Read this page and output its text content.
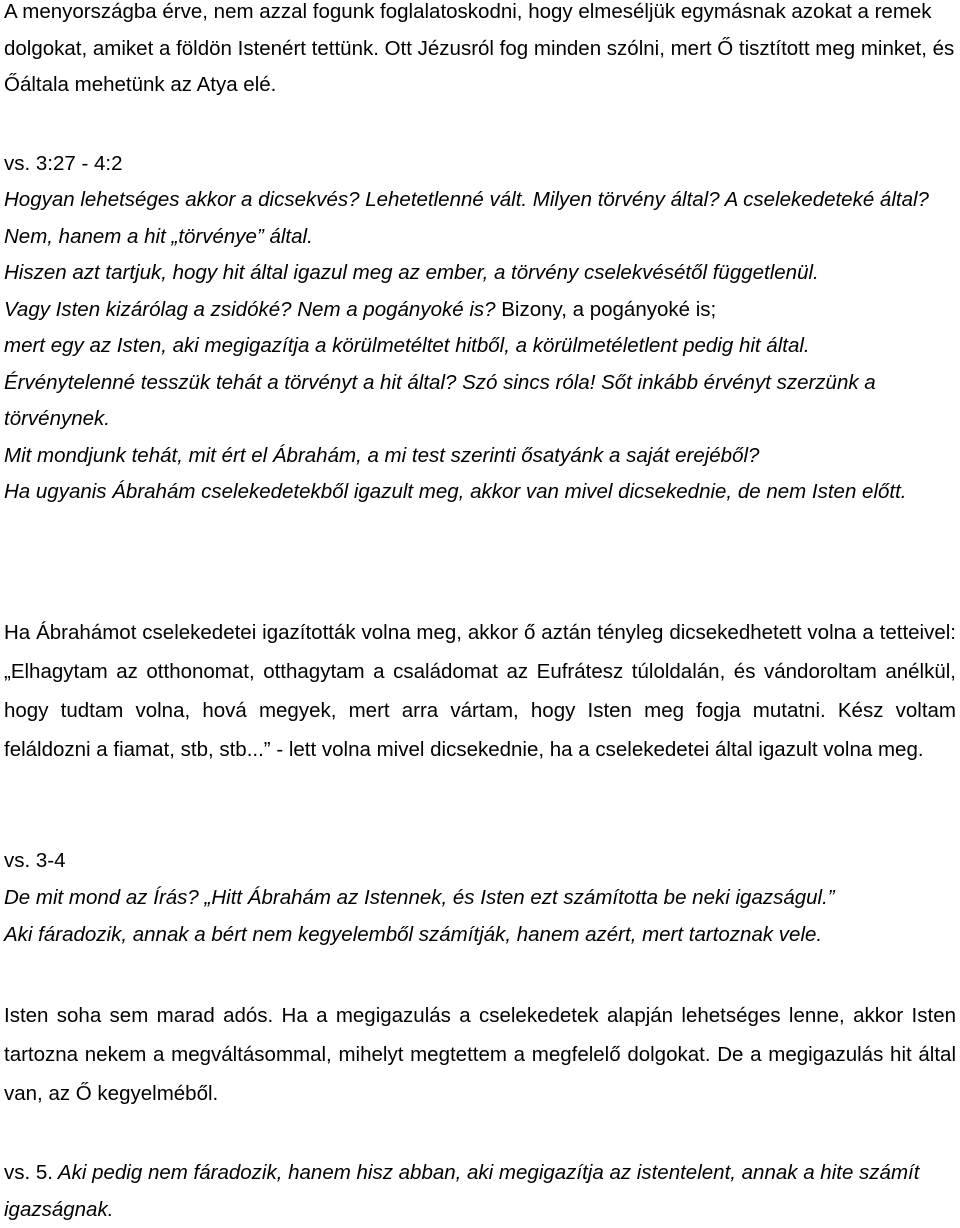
A menyországba érve, nem azzal fogunk foglalatoskodni, hogy elmeséljük egymásnak azokat a remek dolgokat, amiket a földön Istenért tettünk. Ott Jézusról fog minden szólni, mert Ő tisztított meg minket, és Őáltala mehetünk az Atya elé.

vs. 3:27 - 4:2

Hogyan lehetséges akkor a dicsekvés? Lehetetlenné vált. Milyen törvény által? A cselekedeteké által? Nem, hanem a hit „törvénye” által.
Hiszen azt tartjuk, hogy hit által igazul meg az ember, a törvény cselekvésétől függetlenül.
Vagy Isten kizárólag a zsidóké? Nem a pogányoké is? Bizony, a pogányoké is;
mert egy az Isten, aki megigazítja a körülmetéltet hitből, a körülmetéletlent pedig hit által.
Érvénytelenné tesszük tehát a törvényt a hit által? Szó sincs róla! Sőt inkább érvényt szerzünk a törvénynek.
Mit mondjunk tehát, mit ért el Ábrahám, a mi test szerinti ősatyánk a saját erejéből?
Ha ugyanis Ábrahám cselekedetekből igazult meg, akkor van mivel dicsekednie, de nem Isten előtt.

Ha Ábrahámot cselekedetei igazították volna meg, akkor ő aztán tényleg dicsekedhetett volna a tetteivel: „Elhagytam az otthonomat, otthagytam a családomat az Eufrátesz túloldalán, és vándoroltam anélkül, hogy tudtam volna, hová megyek, mert arra vártam, hogy Isten meg fogja mutatni. Kész voltam feláldozni a fiamat, stb, stb...” - lett volna mivel dicsekednie, ha a cselekedetei által igazult volna meg.

vs. 3-4

De mit mond az Írás? „Hitt Ábrahám az Istennek, és Isten ezt számította be neki igazságul.”
Aki fáradozik, annak a bért nem kegyelemből számítják, hanem azért, mert tartoznak vele.

Isten soha sem marad adós. Ha a megigazulás a cselekedetek alapján lehetséges lenne, akkor Isten tartozna nekem a megváltásommal, mihelyt megtettem a megfelelő dolgokat. De a megigazulás hit által van, az Ő kegyelméből.

vs. 5. Aki pedig nem fáradozik, hanem hisz abban, aki megigazítja az istentelent, annak a hite számít igazságnak.
